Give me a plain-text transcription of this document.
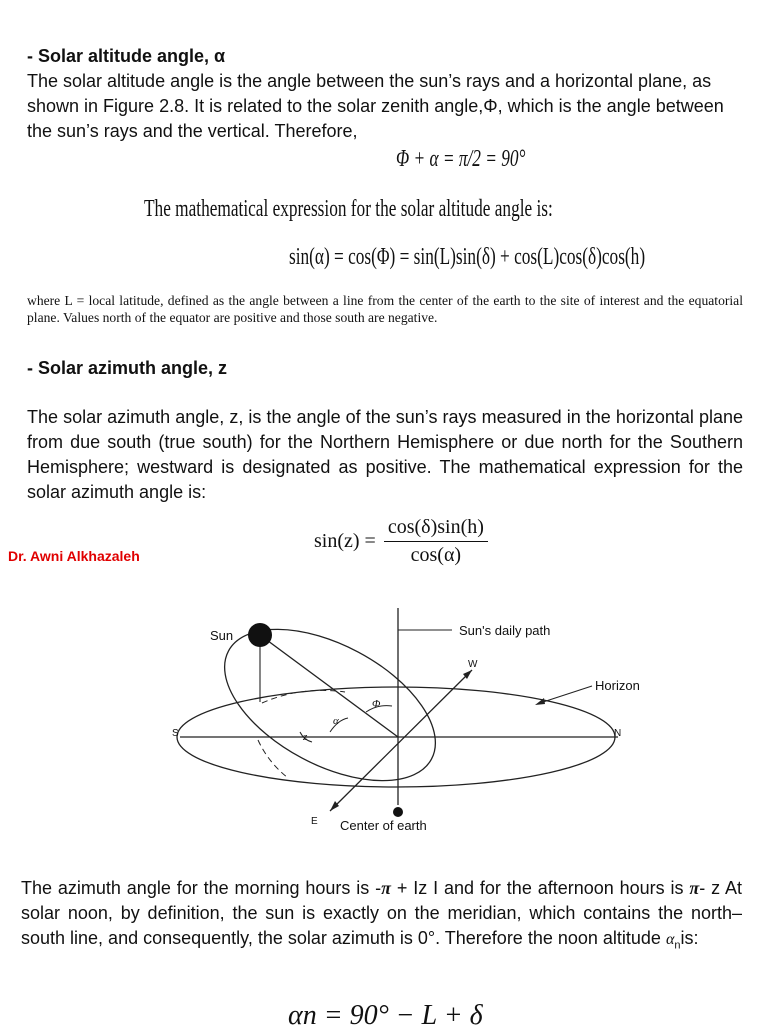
- Solar altitude angle, α
The solar altitude angle is the angle between the sun’s rays and a horizontal plane, as shown in Figure 2.8. It is related to the solar zenith angle,Φ, which is the angle between the sun’s rays and the vertical. Therefore,
Φ + α = π/2 = 90°
The mathematical expression for the solar altitude angle is:
sin(α) = cos(Φ) = sin(L)sin(δ) + cos(L)cos(δ)cos(h)
where L = local latitude, defined as the angle between a line from the center of the earth to the site of interest and the equatorial plane. Values north of the equator are positive and those south are negative.
- Solar azimuth angle, z
The solar azimuth angle, z, is the angle of the sun’s rays measured in the horizontal plane from due south (true south) for the Northern Hemisphere or due north for the Southern Hemisphere; westward is designated as positive. The mathematical expression for the solar azimuth angle is:
$\sin(z) = \frac{\cos(\delta)\sin(h)}{\cos(\alpha)}$
Dr. Awni Alkhazaleh
Sun	Sun's daily path
W
Horizon
S	N
E Center of earth
α
Φ
z
The azimuth angle for the morning hours is -π + Iz I and for the afternoon hours is π- z At solar noon, by definition, the sun is exactly on the meridian, which contains the north–south line, and consequently, the solar azimuth is 0°. Therefore the noon altitude $\alpha_nis$:
αn = 90° − L + δ
